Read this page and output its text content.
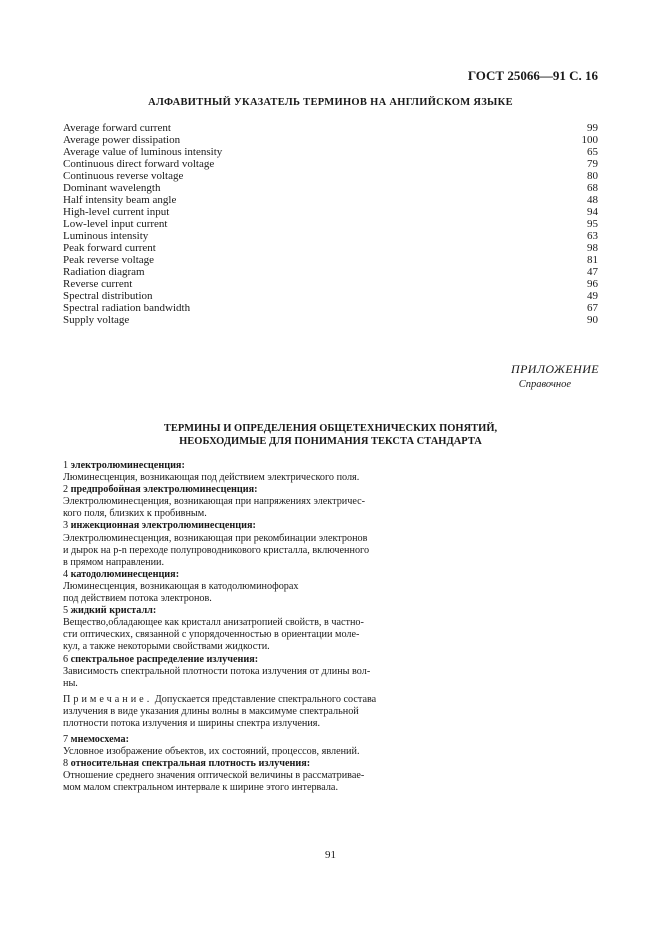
ГОСТ 25066—91 С. 16
АЛФАВИТНЫЙ УКАЗАТЕЛЬ ТЕРМИНОВ НА АНГЛИЙСКОМ ЯЗЫКЕ
Average forward current	99
Average power dissipation	100
Average value of luminous intensity	65
Continuous direct forward voltage	79
Continuous reverse voltage	80
Dominant wavelength	68
Half intensity beam angle	48
High-level current input	94
Low-level input current	95
Luminous intensity	63
Peak forward current	98
Peak reverse voltage	81
Radiation diagram	47
Reverse current	96
Spectral distribution	49
Spectral radiation bandwidth	67
Supply voltage	90
ПРИЛОЖЕНИЕ
Справочное
ТЕРМИНЫ И ОПРЕДЕЛЕНИЯ ОБЩЕТЕХНИЧЕСКИХ ПОНЯТИЙ,
НЕОБХОДИМЫЕ ДЛЯ ПОНИМАНИЯ ТЕКСТА СТАНДАРТА
1 электролюминесценция:
Люминесценция, возникающая под действием электрического поля.
2 предпробойная электролюминесценция:
Электролюминесценция, возникающая при напряжениях электричес-
кого поля, близких к пробивным.
3 инжекционная электролюминесценция:
Электролюминесценция, возникающая при рекомбинации электронов
и дырок на p-n переходе полупроводникового кристалла, включенного
в прямом направлении.
4 катодолюминесценция:
Люминесценция, возникающая в катодолюминофорах
под действием потока электронов.
5 жидкий кристалл:
Вещество,обладающее как кристалл анизатропией свойств, в частно-
сти оптических, связанной с упорядоченностью в ориентации моле-
кул, а также некоторыми свойствами жидкости.
6 спектральное распределение излучения:
Зависимость спектральной плотности потока излучения от длины вол-
ны.
Примечание. Допускается представление спектрального состава
излучения в виде указания длины волны в максимуме спектральной
плотности потока излучения и ширины спектра излучения.
7 мнемосхема:
Условное изображение объектов, их состояний, процессов, явлений.
8 относительная спектральная плотность излучения:
Отношение среднего значения оптической величины в рассматривае-
мом малом спектральном интервале к ширине этого интервала.
91
